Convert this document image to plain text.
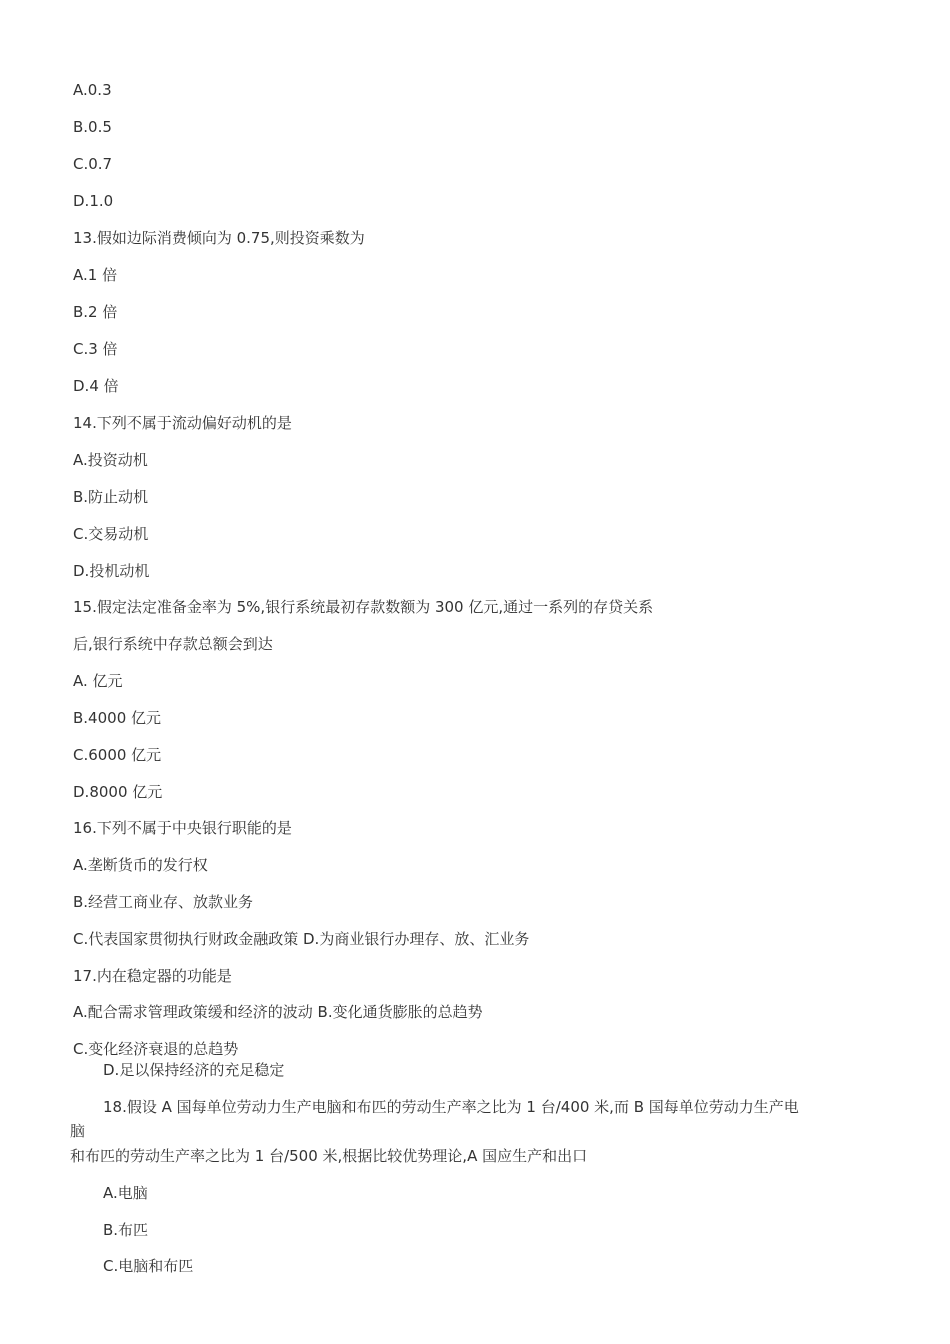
A.0.3
B.0.5
C.0.7
D.1.0
13.假如边际消费倾向为 0.75,则投资乘数为
A.1 倍
B.2 倍
C.3 倍
D.4 倍
14.下列不属于流动偏好动机的是
A.投资动机
B.防止动机
C.交易动机
D.投机动机
15.假定法定准备金率为 5%,银行系统最初存款数额为 300 亿元,通过一系列的存贷关系
后,银行系统中存款总额会到达
A. 亿元
B.4000 亿元
C.6000 亿元
D.8000 亿元
16.下列不属于中央银行职能的是
A.垄断货币的发行权
B.经营工商业存、放款业务
C.代表国家贯彻执行财政金融政策 D.为商业银行办理存、放、汇业务
17.内在稳定器的功能是
A.配合需求管理政策缓和经济的波动 B.变化通货膨胀的总趋势
C.变化经济衰退的总趋势
D.足以保持经济的充足稳定
18.假设 A 国每单位劳动力生产电脑和布匹的劳动生产率之比为 1 台/400 米,而 B 国每单位劳动力生产电
脑
和布匹的劳动生产率之比为 1 台/500 米,根据比较优势理论,A 国应生产和出口
A.电脑
B.布匹
C.电脑和布匹
